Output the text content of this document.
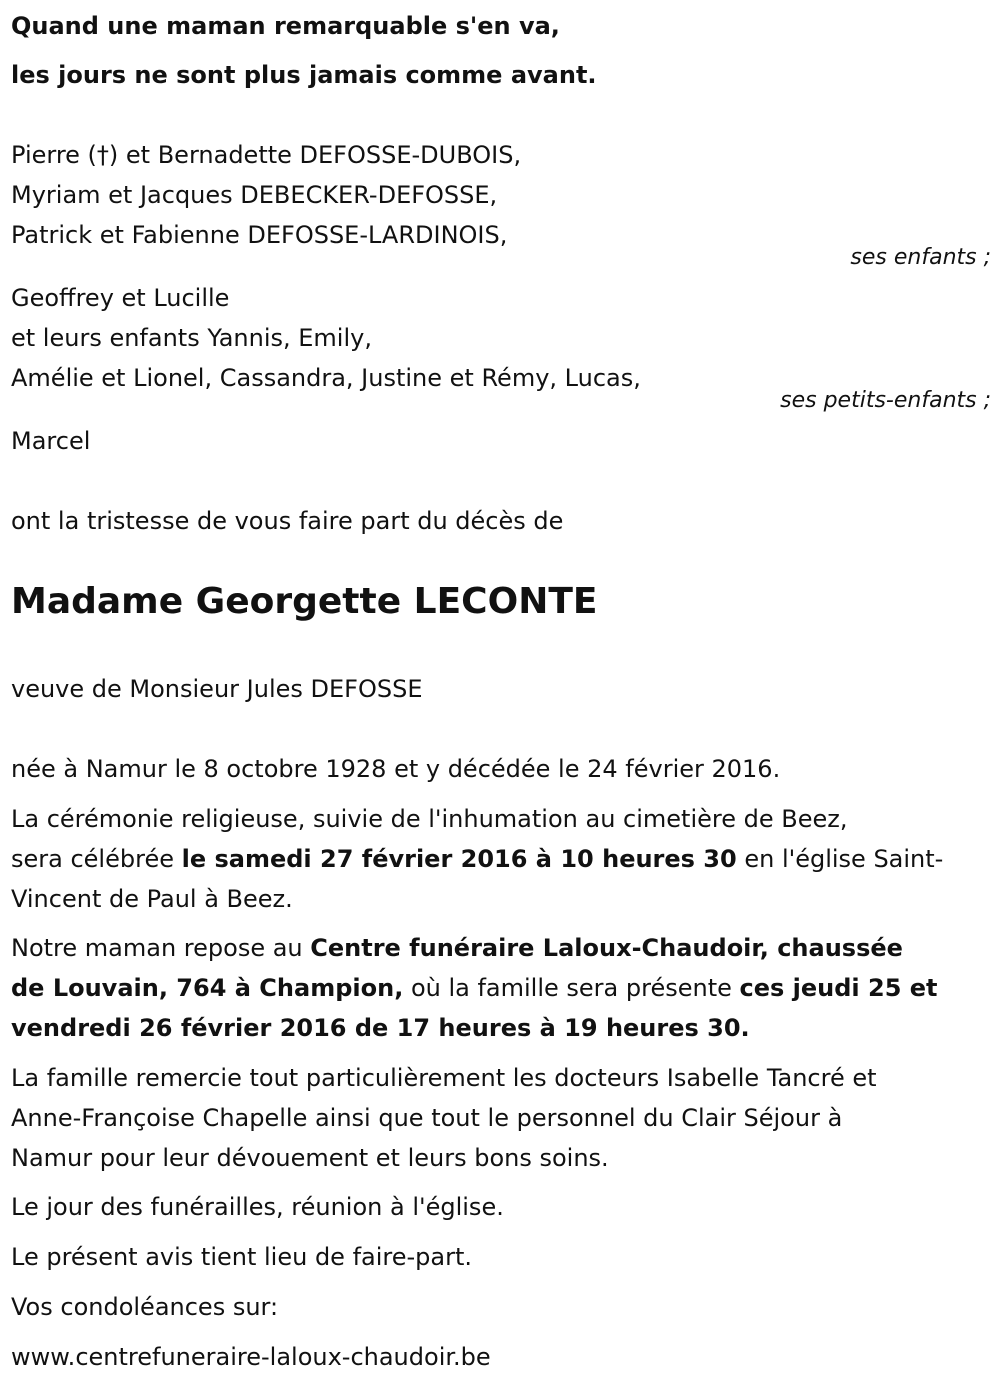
Quand une maman remarquable s'en va,
les jours ne sont plus jamais comme avant.
Pierre (†) et Bernadette DEFOSSE-DUBOIS,
Myriam et Jacques DEBECKER-DEFOSSE,
Patrick et Fabienne DEFOSSE-LARDINOIS,
ses enfants ;
Geoffrey et Lucille
et leurs enfants Yannis, Emily,
Amélie et Lionel, Cassandra, Justine et Rémy, Lucas,
ses petits-enfants ;
Marcel
ont la tristesse de vous faire part du décès de
Madame Georgette LECONTE
veuve de Monsieur Jules DEFOSSE
née à Namur le 8 octobre 1928 et y décédée le 24 février 2016.
La cérémonie religieuse, suivie de l'inhumation au cimetière de Beez,
sera célébrée le samedi 27 février 2016 à 10 heures 30 en l'église Saint-
Vincent de Paul à Beez.
Notre maman repose au Centre funéraire Laloux-Chaudoir, chaussée
de Louvain, 764 à Champion, où la famille sera présente ces jeudi 25 et
vendredi 26 février 2016 de 17 heures à 19 heures 30.
La famille remercie tout particulièrement les docteurs Isabelle Tancré et
Anne-Françoise Chapelle ainsi que tout le personnel du Clair Séjour à
Namur pour leur dévouement et leurs bons soins.
Le jour des funérailles, réunion à l'église.
Le présent avis tient lieu de faire-part.
Vos condoléances sur:
www.centrefuneraire-laloux-chaudoir.be
